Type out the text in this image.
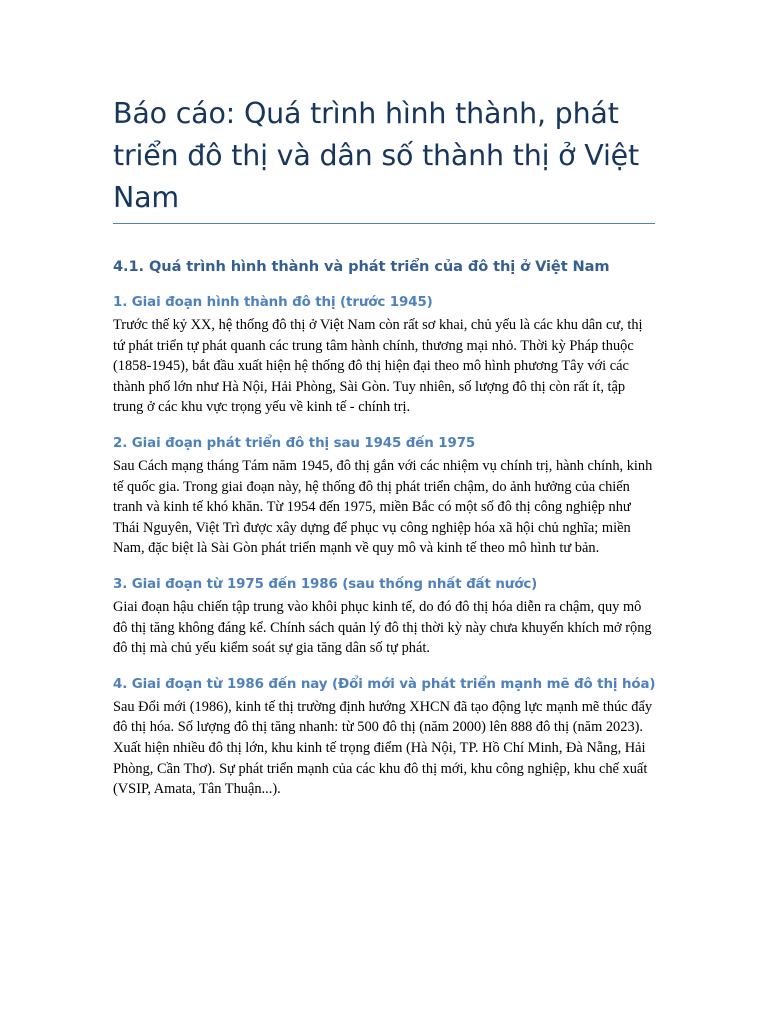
Báo cáo: Quá trình hình thành, phát triển đô thị và dân số thành thị ở Việt Nam
4.1. Quá trình hình thành và phát triển của đô thị ở Việt Nam
1. Giai đoạn hình thành đô thị (trước 1945)

Trước thế kỷ XX, hệ thống đô thị ở Việt Nam còn rất sơ khai, chủ yếu là các khu dân cư, thị tứ phát triển tự phát quanh các trung tâm hành chính, thương mại nhỏ. Thời kỳ Pháp thuộc (1858-1945), bắt đầu xuất hiện hệ thống đô thị hiện đại theo mô hình phương Tây với các thành phố lớn như Hà Nội, Hải Phòng, Sài Gòn. Tuy nhiên, số lượng đô thị còn rất ít, tập trung ở các khu vực trọng yếu về kinh tế - chính trị.

2. Giai đoạn phát triển đô thị sau 1945 đến 1975

Sau Cách mạng tháng Tám năm 1945, đô thị gắn với các nhiệm vụ chính trị, hành chính, kinh tế quốc gia. Trong giai đoạn này, hệ thống đô thị phát triển chậm, do ảnh hưởng của chiến tranh và kinh tế khó khăn. Từ 1954 đến 1975, miền Bắc có một số đô thị công nghiệp như Thái Nguyên, Việt Trì được xây dựng để phục vụ công nghiệp hóa xã hội chủ nghĩa; miền Nam, đặc biệt là Sài Gòn phát triển mạnh về quy mô và kinh tế theo mô hình tư bản.

3. Giai đoạn từ 1975 đến 1986 (sau thống nhất đất nước)

Giai đoạn hậu chiến tập trung vào khôi phục kinh tế, do đó đô thị hóa diễn ra chậm, quy mô đô thị tăng không đáng kể. Chính sách quản lý đô thị thời kỳ này chưa khuyến khích mở rộng đô thị mà chủ yếu kiểm soát sự gia tăng dân số tự phát.

4. Giai đoạn từ 1986 đến nay (Đổi mới và phát triển mạnh mẽ đô thị hóa)

Sau Đổi mới (1986), kinh tế thị trường định hướng XHCN đã tạo động lực mạnh mẽ thúc đẩy đô thị hóa. Số lượng đô thị tăng nhanh: từ 500 đô thị (năm 2000) lên 888 đô thị (năm 2023). Xuất hiện nhiều đô thị lớn, khu kinh tế trọng điểm (Hà Nội, TP. Hồ Chí Minh, Đà Nẵng, Hải Phòng, Cần Thơ). Sự phát triển mạnh của các khu đô thị mới, khu công nghiệp, khu chế xuất (VSIP, Amata, Tân Thuận...).
